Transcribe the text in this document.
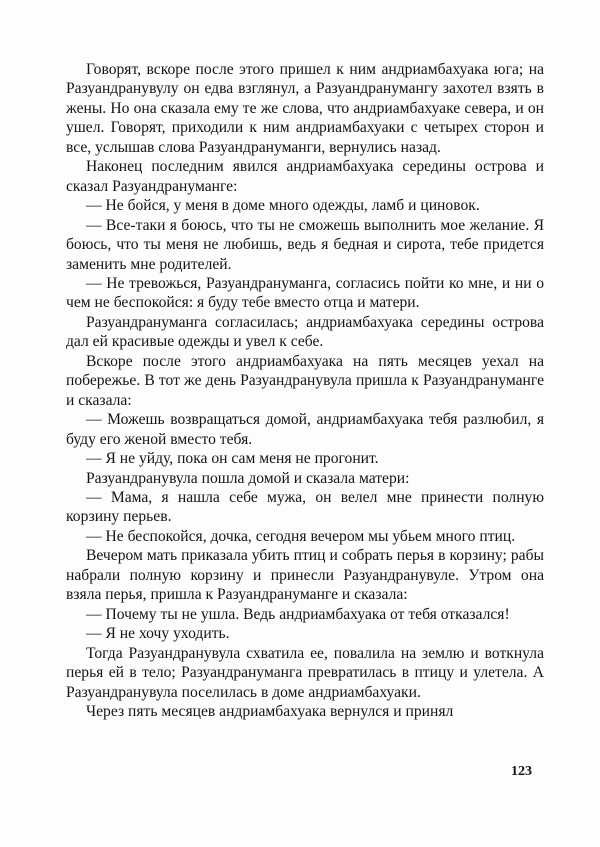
Говорят, вскоре после этого пришел к ним андриамбахуака юга; на Разуандранувулу он едва взглянул, а Разуандранумангу захотел взять в жены. Но она сказала ему те же слова, что андриамбахуаке севера, и он ушел. Говорят, приходили к ним андриамбахуаки с четырех сторон и все, услышав слова Разуандрануманги, вернулись назад.

Наконец последним явился андриамбахуака середины острова и сказал Разуандрануманге:

— Не бойся, у меня в доме много одежды, ламб и циновок.

— Все-таки я боюсь, что ты не сможешь выполнить мое желание. Я боюсь, что ты меня не любишь, ведь я бедная и сирота, тебе придется заменить мне родителей.

— Не тревожься, Разуандрануманга, согласись пойти ко мне, и ни о чем не беспокойся: я буду тебе вместо отца и матери.

Разуандрануманга согласилась; андриамбахуака середины острова дал ей красивые одежды и увел к себе.

Вскоре после этого андриамбахуака на пять месяцев уехал на побережье. В тот же день Разуандранувула пришла к Разуандрануманге и сказала:

— Можешь возвращаться домой, андриамбахуака тебя разлюбил, я буду его женой вместо тебя.

— Я не уйду, пока он сам меня не прогонит.

Разуандранувула пошла домой и сказала матери:

— Мама, я нашла себе мужа, он велел мне принести полную корзину перьев.

— Не беспокойся, дочка, сегодня вечером мы убьем много птиц.

Вечером мать приказала убить птиц и собрать перья в корзину; рабы набрали полную корзину и принесли Разуандранувуле. Утром она взяла перья, пришла к Разуандрануманге и сказала:

— Почему ты не ушла. Ведь андриамбахуака от тебя отказался!

— Я не хочу уходить.

Тогда Разуандранувула схватила ее, повалила на землю и воткнула перья ей в тело; Разуандрануманга превратилась в птицу и улетела. А Разуандранувула поселилась в доме андриамбахуаки.

Через пять месяцев андриамбахуака вернулся и принял

123
